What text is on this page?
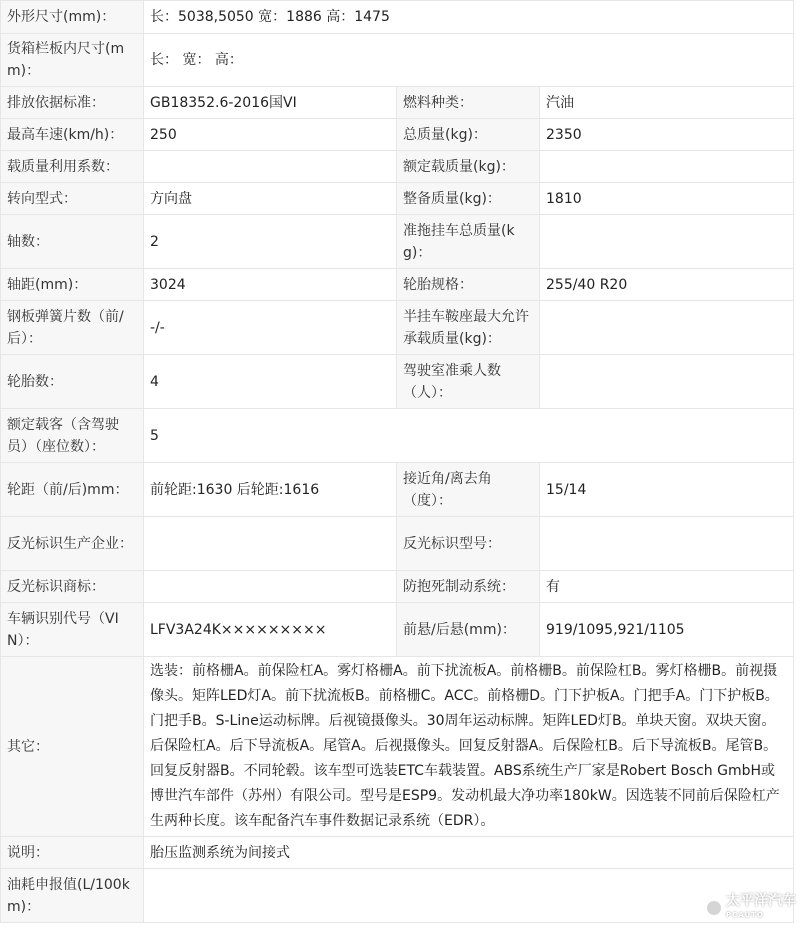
外形尺寸(mm)：	长：5038,5050 宽：1886 高：1475		
货箱栏板内尺寸(mm)：	长： 宽： 高：		
排放依据标准：	GB18352.6-2016国VI	燃料种类：	汽油
最高车速(km/h)：	250	总质量(kg)：	2350
载质量利用系数：		额定载质量(kg)：	
转向型式：	方向盘	整备质量(kg)：	1810
轴数：	2	准拖挂车总质量(kg)：	
轴距(mm)：	3024	轮胎规格：	255/40 R20
钢板弹簧片数（前/后）：	-/-	半挂车鞍座最大允许承载质量(kg)：	
轮胎数：	4	驾驶室准乘人数（人）：	
额定载客（含驾驶员）（座位数）：	5		
轮距（前/后)mm：	前轮距:1630 后轮距:1616	接近角/离去角（度）：	15/14
反光标识生产企业：		反光标识型号：	
反光标识商标：		防抱死制动系统：	有
车辆识别代号（VIN）：	LFV3A24K×××××××××	前悬/后悬(mm)：	919/1095,921/1105
其它：	选装：前格栅A。前保险杠A。雾灯格栅A。前下扰流板A。前格栅B。前保险杠B。雾灯格栅B。前视摄像头。矩阵LED灯A。前下扰流板B。前格栅C。ACC。前格栅D。门下护板A。门把手A。门下护板B。门把手B。S-Line运动标牌。后视镜摄像头。30周年运动标牌。矩阵LED灯B。单块天窗。双块天窗。后保险杠A。后下导流板A。尾管A。后视摄像头。回复反射器A。后保险杠B。后下导流板B。尾管B。回复反射器B。不同轮毂。该车型可选装ETC车载装置。ABS系统生产厂家是Robert Bosch GmbH或博世汽车部件（苏州）有限公司。型号是ESP9。发动机最大净功率180kW。因选装不同前后保险杠产生两种长度。该车配备汽车事件数据记录系统（EDR）。		
说明：	胎压监测系统为间接式		
油耗申报值(L/100km)：				太平洋汽车
PCAUTO
